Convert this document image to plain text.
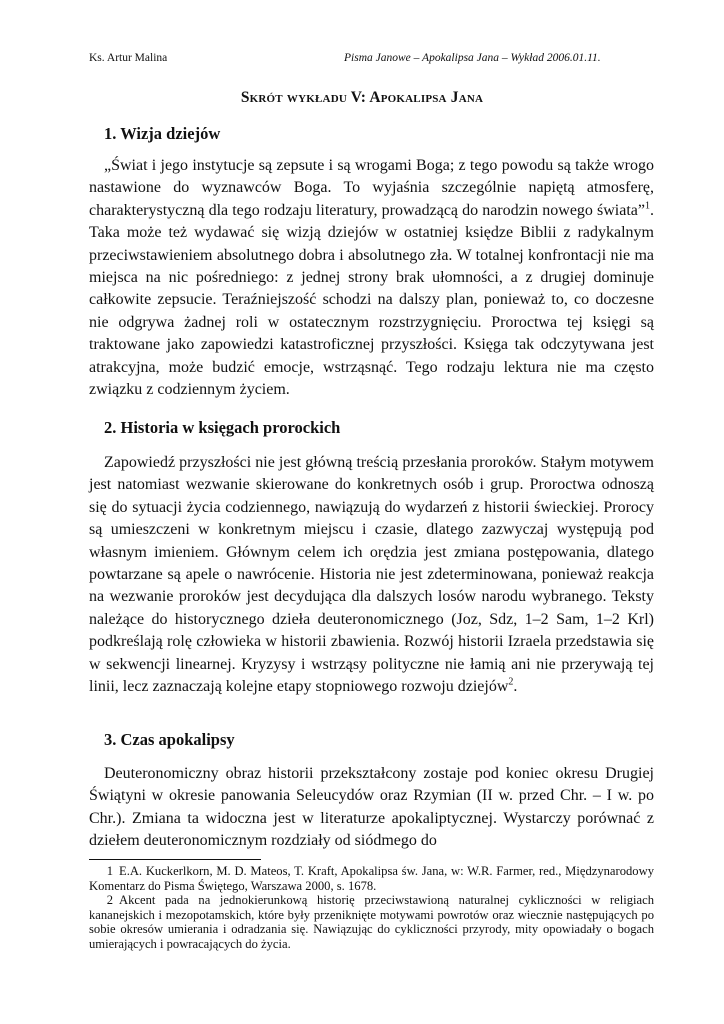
Ks. Artur Malina	Pisma Janowe – Apokalipsa Jana – Wykład 2006.01.11.
Skrót wykładu V: Apokalipsa Jana
1. Wizja dziejów

„Świat i jego instytucje są zepsute i są wrogami Boga; z tego powodu są także wrogo nastawione do wyznawców Boga. To wyjaśnia szczególnie napiętą atmosferę, charakterystyczną dla tego rodzaju literatury, prowadzącą do narodzin nowego świata”$^1$. Taka może też wydawać się wizją dziejów w ostatniej księdze Biblii z radykalnym przeciwstawieniem absolutnego dobra i absolutnego zła. W totalnej konfrontacji nie ma miejsca na nic pośredniego: z jednej strony brak ułomności, a z drugiej dominuje całkowite zepsucie. Teraźniejszość schodzi na dalszy plan, ponieważ to, co doczesne nie odgrywa żadnej roli w ostatecznym rozstrzygnięciu. Proroctwa tej księgi są traktowane jako zapowiedzi katastroficznej przyszłości. Księga tak odczytywana jest atrakcyjna, może budzić emocje, wstrząsnąć. Tego rodzaju lektura nie ma często związku z codziennym życiem.

2. Historia w księgach prorockich

Zapowiedź przyszłości nie jest główną treścią przesłania proroków. Stałym motywem jest natomiast wezwanie skierowane do konkretnych osób i grup. Proroctwa odnoszą się do sytuacji życia codziennego, nawiązują do wydarzeń z historii świeckiej. Prorocy są umieszczeni w konkretnym miejscu i czasie, dlatego zazwyczaj występują pod własnym imieniem. Głównym celem ich orędzia jest zmiana postępowania, dlatego powtarzane są apele o nawrócenie. Historia nie jest zdeterminowana, ponieważ reakcja na wezwanie proroków jest decydująca dla dalszych losów narodu wybranego. Teksty należące do historycznego dzieła deuteronomicznego (Joz, Sdz, 1–2 Sam, 1–2 Krl) podkreślają rolę człowieka w historii zbawienia. Rozwój historii Izraela przedstawia się w sekwencji linearnej. Kryzysy i wstrząsy polityczne nie łamią ani nie przerywają tej linii, lecz zaznaczają kolejne etapy stopniowego rozwoju dziejów$^2$.

3. Czas apokalipsy

Deuteronomiczny obraz historii przekształcony zostaje pod koniec okresu Drugiej Świątyni w okresie panowania Seleucydów oraz Rzymian (II w. przed Chr. – I w. po Chr.). Zmiana ta widoczna jest w literaturze apokaliptycznej. Wystarczy porównać z dziełem deuteronomicznym rozdziały od siódmego do

1 E.A. Kuckerlkorn, M. D. Mateos, T. Kraft, Apokalipsa św. Jana, w: W.R. Farmer, red., Międzynarodowy Komentarz do Pisma Świętego, Warszawa 2000, s. 1678.

2 Akcent pada na jednokierunkową historię przeciwstawioną naturalnej cykliczności w religiach kananejskich i mezopotamskich, które były przeniknięte motywami powrotów oraz wiecznie następujących po sobie okresów umierania i odradzania się. Nawiązując do cykliczności przyrody, mity opowiadały o bogach umierających i powracających do życia.
